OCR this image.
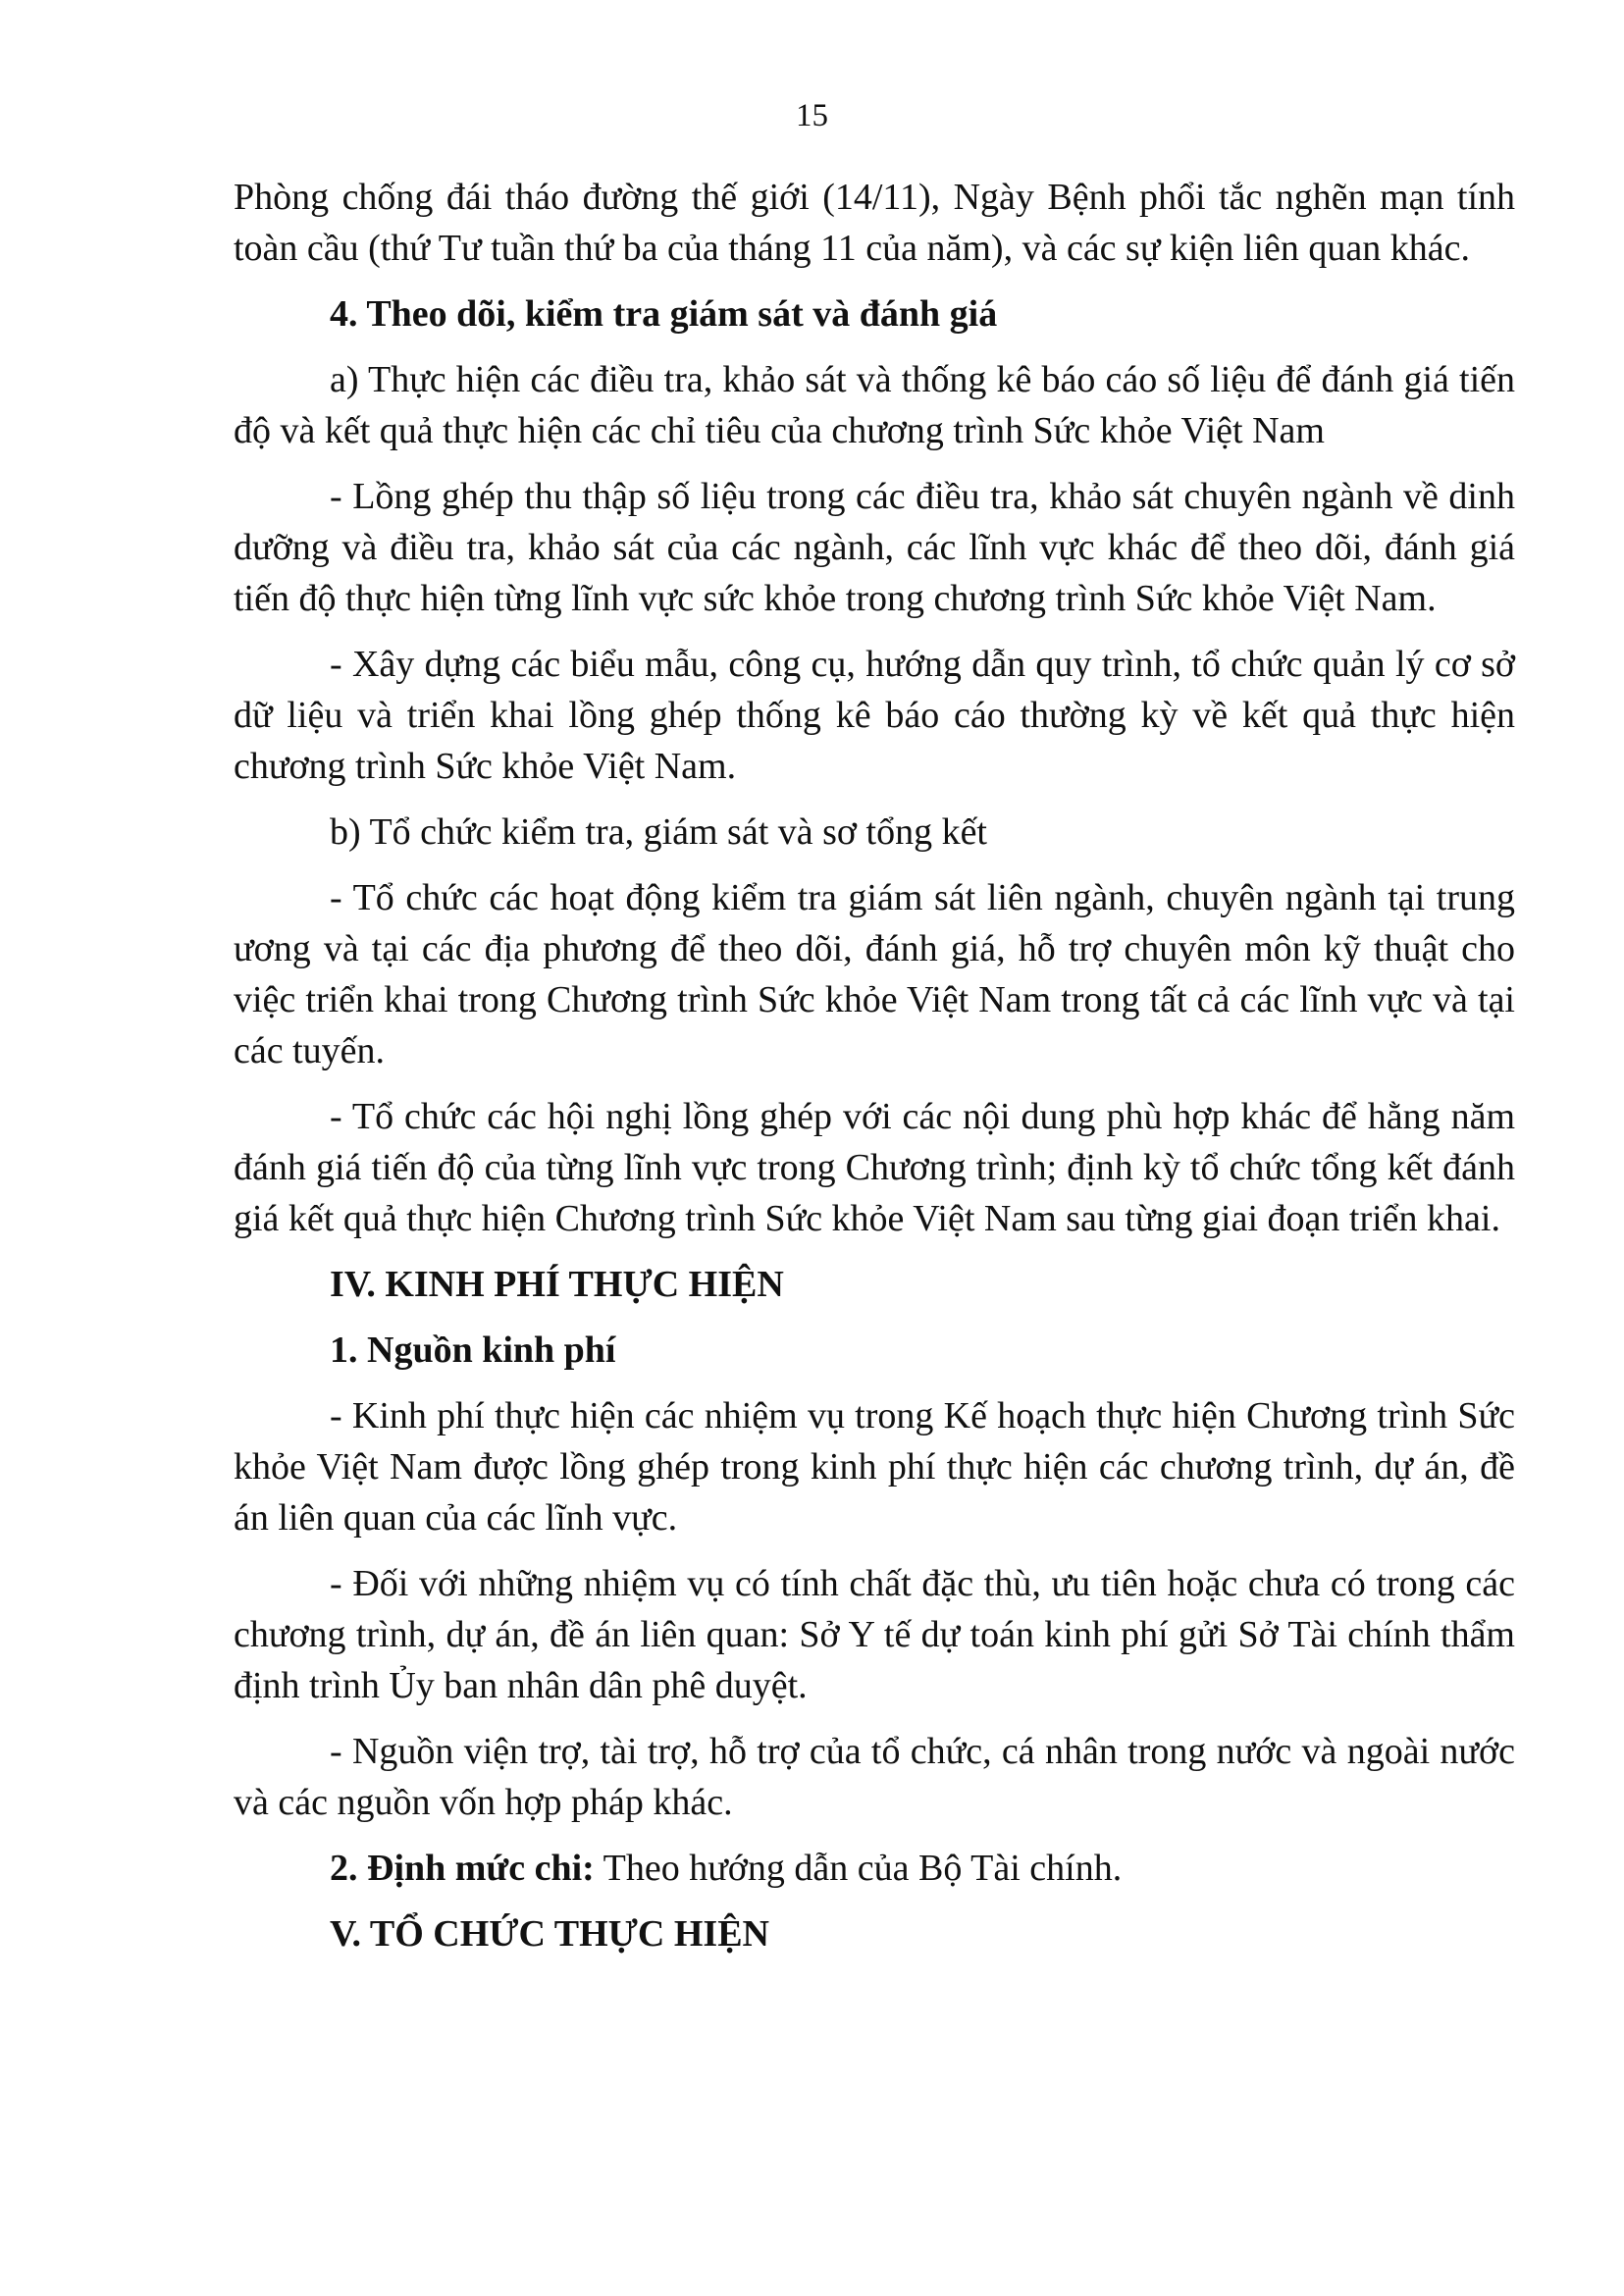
15

Phòng chống đái tháo đường thế giới (14/11), Ngày Bệnh phổi tắc nghẽn mạn tính toàn cầu (thứ Tư tuần thứ ba của tháng 11 của năm), và các sự kiện liên quan khác.

4. Theo dõi, kiểm tra giám sát và đánh giá

a) Thực hiện các điều tra, khảo sát và thống kê báo cáo số liệu để đánh giá tiến độ và kết quả thực hiện các chỉ tiêu của chương trình Sức khỏe Việt Nam

- Lồng ghép thu thập số liệu trong các điều tra, khảo sát chuyên ngành về dinh dưỡng và điều tra, khảo sát của các ngành, các lĩnh vực khác để theo dõi, đánh giá tiến độ thực hiện từng lĩnh vực sức khỏe trong chương trình Sức khỏe Việt Nam.

- Xây dựng các biểu mẫu, công cụ, hướng dẫn quy trình, tổ chức quản lý cơ sở dữ liệu và triển khai lồng ghép thống kê báo cáo thường kỳ về kết quả thực hiện chương trình Sức khỏe Việt Nam.

b) Tổ chức kiểm tra, giám sát và sơ tổng kết

- Tổ chức các hoạt động kiểm tra giám sát liên ngành, chuyên ngành tại trung ương và tại các địa phương để theo dõi, đánh giá, hỗ trợ chuyên môn kỹ thuật cho việc triển khai trong Chương trình Sức khỏe Việt Nam trong tất cả các lĩnh vực và tại các tuyến.

- Tổ chức các hội nghị lồng ghép với các nội dung phù hợp khác để hằng năm đánh giá tiến độ của từng lĩnh vực trong Chương trình; định kỳ tổ chức tổng kết đánh giá kết quả thực hiện Chương trình Sức khỏe Việt Nam sau từng giai đoạn triển khai.

IV. KINH PHÍ THỰC HIỆN

1. Nguồn kinh phí

- Kinh phí thực hiện các nhiệm vụ trong Kế hoạch thực hiện Chương trình Sức khỏe Việt Nam được lồng ghép trong kinh phí thực hiện các chương trình, dự án, đề án liên quan của các lĩnh vực.

- Đối với những nhiệm vụ có tính chất đặc thù, ưu tiên hoặc chưa có trong các chương trình, dự án, đề án liên quan: Sở Y tế dự toán kinh phí gửi Sở Tài chính thẩm định trình Ủy ban nhân dân phê duyệt.

- Nguồn viện trợ, tài trợ, hỗ trợ của tổ chức, cá nhân trong nước và ngoài nước và các nguồn vốn hợp pháp khác.

2. Định mức chi: Theo hướng dẫn của Bộ Tài chính.

V. TỔ CHỨC THỰC HIỆN
